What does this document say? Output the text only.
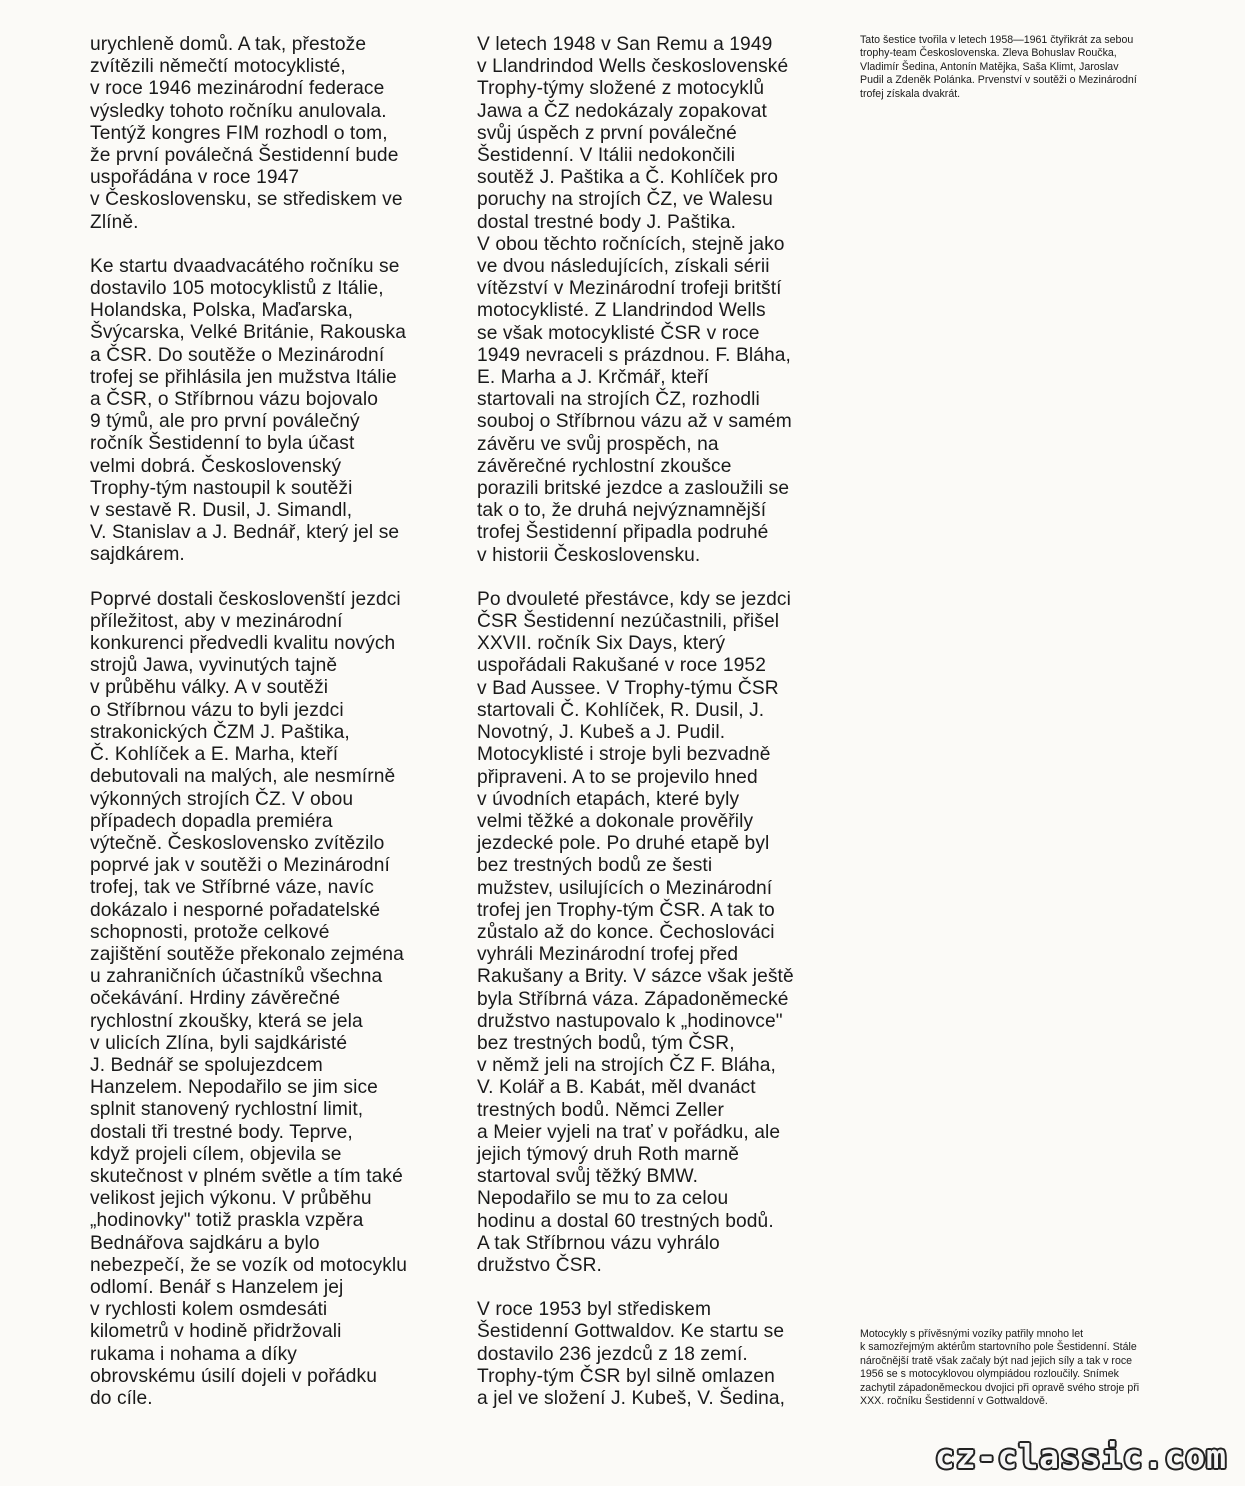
urychleně domů. A tak, přestože
zvítězili němečtí motocyklisté,
v roce 1946 mezinárodní federace
výsledky tohoto ročníku anulovala.
Tentýž kongres FIM rozhodl o tom,
že první poválečná Šestidenní bude
uspořádána v roce 1947
v Československu, se střediskem ve
Zlíně.

Ke startu dvaadvacátého ročníku se
dostavilo 105 motocyklistů z Itálie,
Holandska, Polska, Maďarska,
Švýcarska, Velké Británie, Rakouska
a ČSR. Do soutěže o Mezinárodní
trofej se přihlásila jen mužstva Itálie
a ČSR, o Stříbrnou vázu bojovalo
9 týmů, ale pro první poválečný
ročník Šestidenní to byla účast
velmi dobrá. Československý
Trophy-tým nastoupil k soutěži
v sestavě R. Dusil, J. Simandl,
V. Stanislav a J. Bednář, který jel se
sajdkárem.

Poprvé dostali českoslovenští jezdci
příležitost, aby v mezinárodní
konkurenci předvedli kvalitu nových
strojů Jawa, vyvinutých tajně
v průběhu války. A v soutěži
o Stříbrnou vázu to byli jezdci
strakonických ČZM J. Paštika,
Č. Kohlíček a E. Marha, kteří
debutovali na malých, ale nesmírně
výkonných strojích ČZ. V obou
případech dopadla premiéra
výtečně. Československo zvítězilo
poprvé jak v soutěži o Mezinárodní
trofej, tak ve Stříbrné váze, navíc
dokázalo i nesporné pořadatelské
schopnosti, protože celkové
zajištění soutěže překonalo zejména
u zahraničních účastníků všechna
očekávání. Hrdiny závěrečné
rychlostní zkoušky, která se jela
v ulicích Zlína, byli sajdkáristé
J. Bednář se spolujezdcem
Hanzelem. Nepodařilo se jim sice
splnit stanovený rychlostní limit,
dostali tři trestné body. Teprve,
když projeli cílem, objevila se
skutečnost v plném světle a tím také
velikost jejich výkonu. V průběhu
„hodinovky" totiž praskla vzpěra
Bednářova sajdkáru a bylo
nebezpečí, že se vozík od motocyklu
odlomí. Benář s Hanzelem jej
v rychlosti kolem osmdesáti
kilometrů v hodině přidržovali
rukama i nohama a díky
obrovskému úsilí dojeli v pořádku
do cíle.

V letech 1948 v San Remu a 1949
v Llandrindod Wells československé
Trophy-týmy složené z motocyklů
Jawa a ČZ nedokázaly zopakovat
svůj úspěch z první poválečné
Šestidenní. V Itálii nedokončili
soutěž J. Paštika a Č. Kohlíček pro
poruchy na strojích ČZ, ve Walesu
dostal trestné body J. Paštika.
V obou těchto ročnících, stejně jako
ve dvou následujících, získali sérii
vítězství v Mezinárodní trofeji britští
motocyklisté. Z Llandrindod Wells
se však motocyklisté ČSR v roce
1949 nevraceli s prázdnou. F. Bláha,
E. Marha a J. Krčmář, kteří
startovali na strojích ČZ, rozhodli
souboj o Stříbrnou vázu až v samém
závěru ve svůj prospěch, na
závěrečné rychlostní zkoušce
porazili britské jezdce a zasloužili se
tak o to, že druhá nejvýznamnější
trofej Šestidenní připadla podruhé
v historii Československu.

Po dvouleté přestávce, kdy se jezdci
ČSR Šestidenní nezúčastnili, přišel
XXVII. ročník Six Days, který
uspořádali Rakušané v roce 1952
v Bad Aussee. V Trophy-týmu ČSR
startovali Č. Kohlíček, R. Dusil, J.
Novotný, J. Kubeš a J. Pudil.
Motocyklisté i stroje byli bezvadně
připraveni. A to se projevilo hned
v úvodních etapách, které byly
velmi těžké a dokonale prověřily
jezdecké pole. Po druhé etapě byl
bez trestných bodů ze šesti
mužstev, usilujících o Mezinárodní
trofej jen Trophy-tým ČSR. A tak to
zůstalo až do konce. Čechoslováci
vyhráli Mezinárodní trofej před
Rakušany a Brity. V sázce však ještě
byla Stříbrná váza. Západoněmecké
družstvo nastupovalo k „hodinovce"
bez trestných bodů, tým ČSR,
v němž jeli na strojích ČZ F. Bláha,
V. Kolář a B. Kabát, měl dvanáct
trestných bodů. Němci Zeller
a Meier vyjeli na trať v pořádku, ale
jejich týmový druh Roth marně
startoval svůj těžký BMW.
Nepodařilo se mu to za celou
hodinu a dostal 60 trestných bodů.
A tak Stříbrnou vázu vyhrálo
družstvo ČSR.

V roce 1953 byl střediskem
Šestidenní Gottwaldov. Ke startu se
dostavilo 236 jezdců z 18 zemí.
Trophy-tým ČSR byl silně omlazen
a jel ve složení J. Kubeš, V. Šedina,

Tato šestice tvořila v letech 1958—1961 čtyřikrát za sebou
trophy-team Československa. Zleva Bohuslav Roučka,
Vladimír Šedina, Antonín Matějka, Saša Klimt, Jaroslav
Pudil a Zdeněk Polánka. Prvenství v soutěži o Mezinárodní
trofej získala dvakrát.

Motocykly s přívěsnými vozíky patřily mnoho let
k samozřejmým aktérům startovního pole Šestidenní. Stále
náročnější tratě však začaly být nad jejich síly a tak v roce
1956 se s motocyklovou olympiádou rozloučily. Snímek
zachytil západoněmeckou dvojici při opravě svého stroje při
XXX. ročníku Šestidenní v Gottwaldově.

cz-classic.com
